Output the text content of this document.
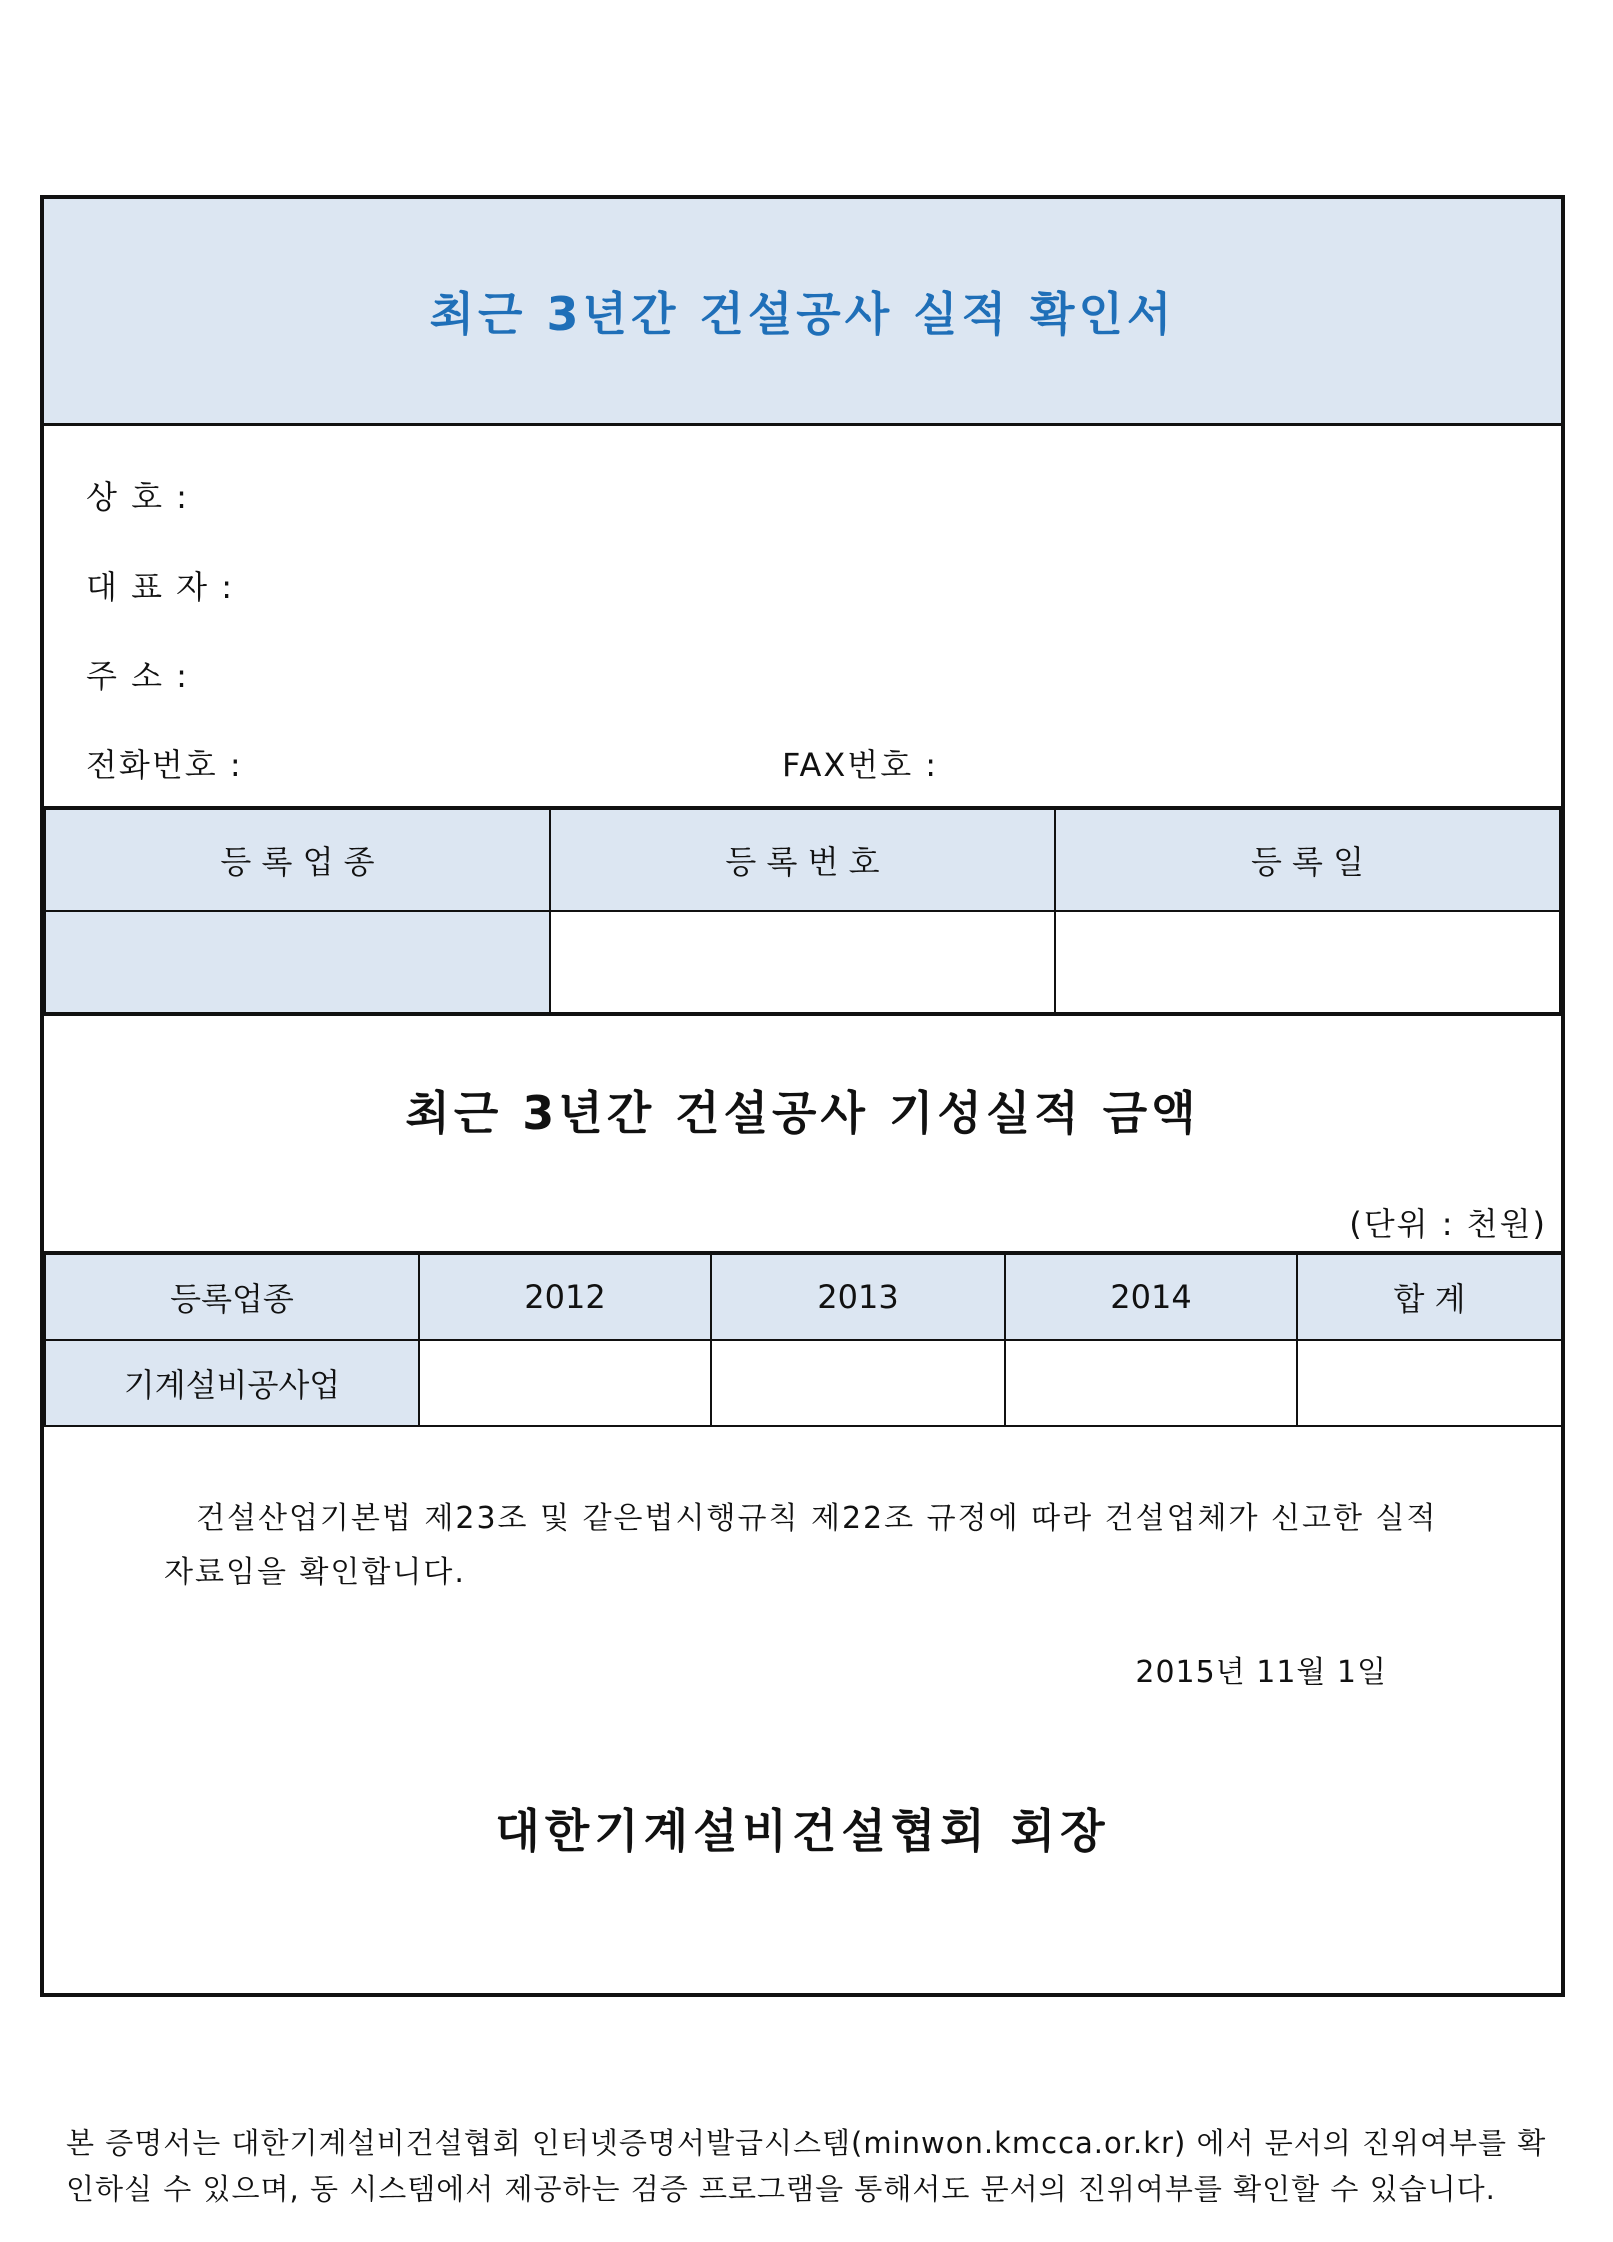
최근 3년간 건설공사 실적 확인서
상 호 :
대 표 자 :
주 소 :
전화번호 :	FAX번호 :
등 록 업 종	등 록 번 호	등 록 일

최근 3년간 건설공사 기성실적 금액
(단위 : 천원)
등록업종	2012	2013	2014	합 계
기계설비공사업				
건설산업기본법 제23조 및 같은법시행규칙 제22조 규정에 따라 건설업체가 신고한 실적자료임을 확인합니다.
2015년 11월 1일
대한기계설비건설협회 회장
본 증명서는 대한기계설비건설협회 인터넷증명서발급시스템(minwon.kmcca.or.kr) 에서 문서의 진위여부를 확인하실 수 있으며, 동 시스템에서 제공하는 검증 프로그램을 통해서도 문서의 진위여부를 확인할 수 있습니다.
